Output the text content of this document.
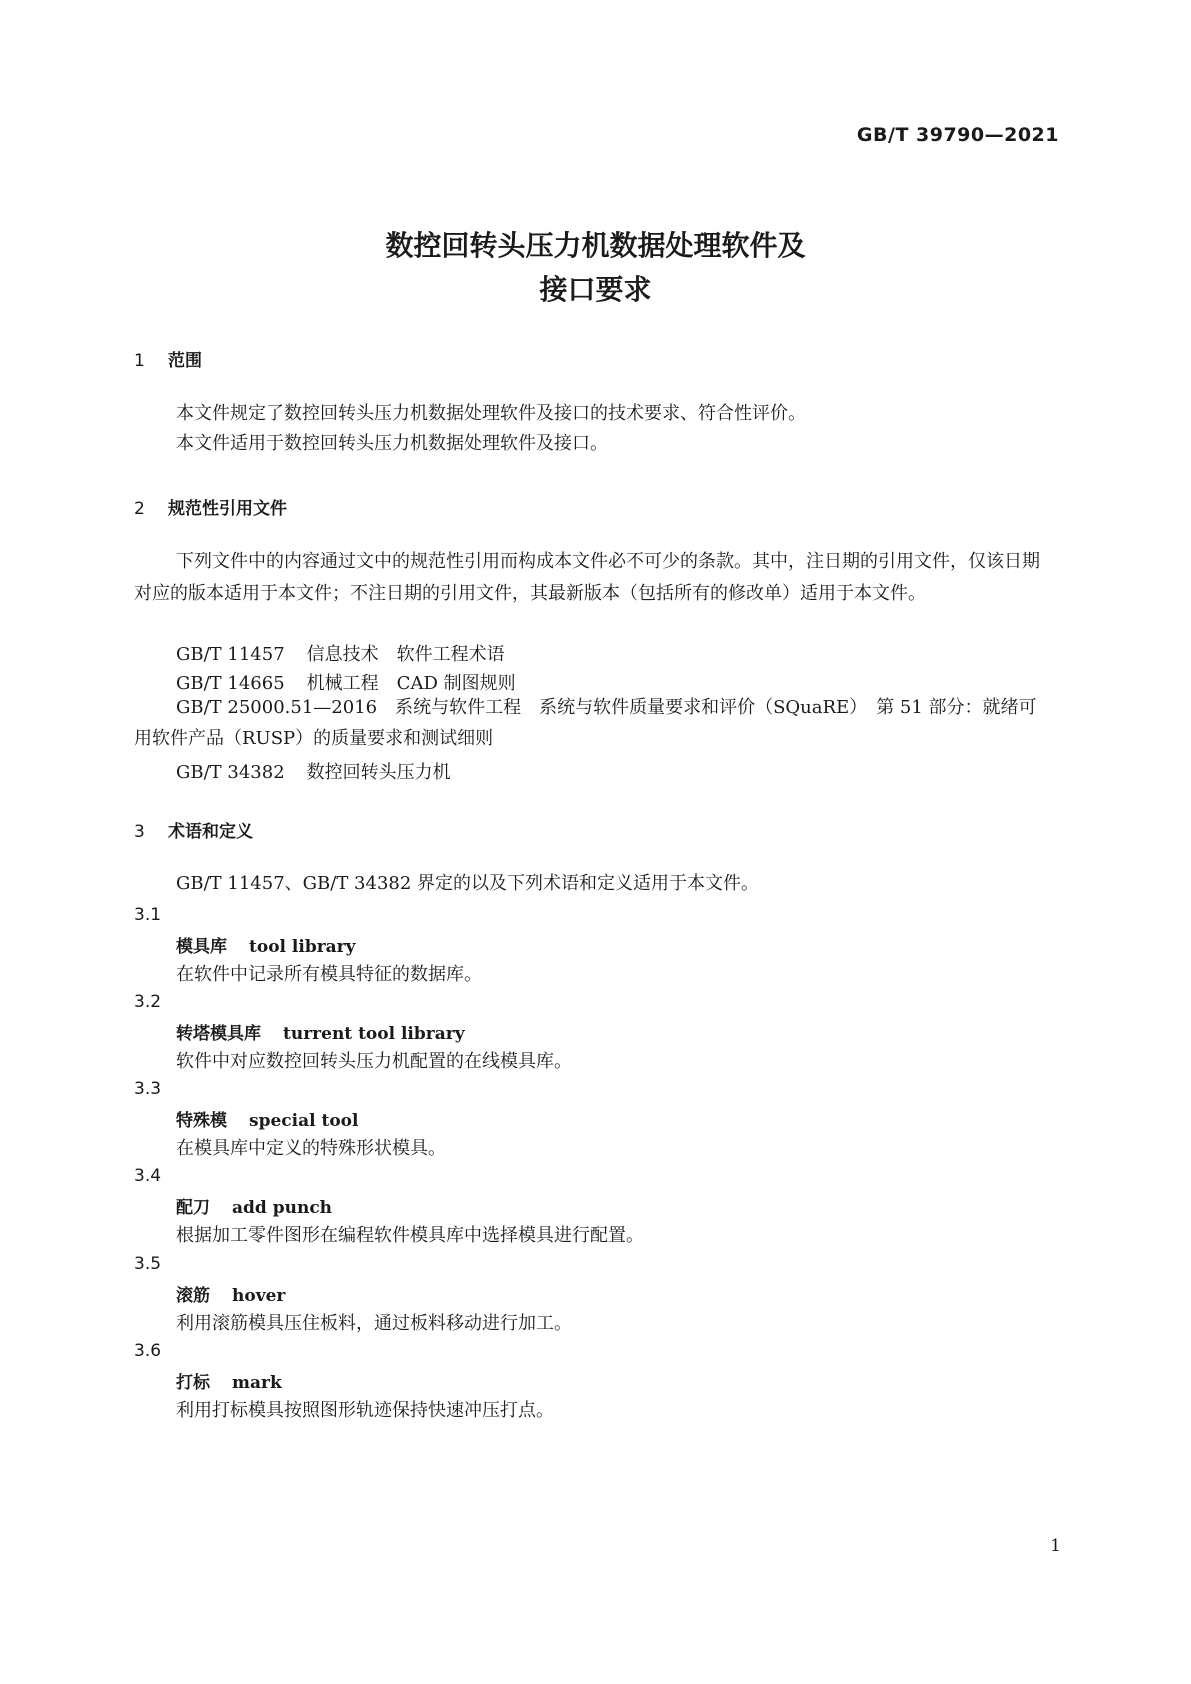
GB/T 39790—2021
数控回转头压力机数据处理软件及
接口要求
1 范围
本文件规定了数控回转头压力机数据处理软件及接口的技术要求、符合性评价。
本文件适用于数控回转头压力机数据处理软件及接口。
2 规范性引用文件
下列文件中的内容通过文中的规范性引用而构成本文件必不可少的条款。其中，注日期的引用文件，仅该日期对应的版本适用于本文件；不注日期的引用文件，其最新版本（包括所有的修改单）适用于本文件。
GB/T 11457 信息技术　软件工程术语
GB/T 14665 机械工程　CAD 制图规则
GB/T 25000.51—2016　 系统与软件工程　系统与软件质量要求和评价（SQuaRE）　第 51 部分：就绪可用软件产品（RUSP）的质量要求和测试细则
GB/T 34382 数控回转头压力机
3 术语和定义
GB/T 11457、GB/T 34382 界定的以及下列术语和定义适用于本文件。
3.1
模具库 tool library
在软件中记录所有模具特征的数据库。
3.2
转塔模具库 turrent tool library
软件中对应数控回转头压力机配置的在线模具库。
3.3
特殊模 special tool
在模具库中定义的特殊形状模具。
3.4
配刀 add punch
根据加工零件图形在编程软件模具库中选择模具进行配置。
3.5
滚筋 hover
利用滚筋模具压住板料，通过板料移动进行加工。
3.6
打标 mark
利用打标模具按照图形轨迹保持快速冲压打点。
1
